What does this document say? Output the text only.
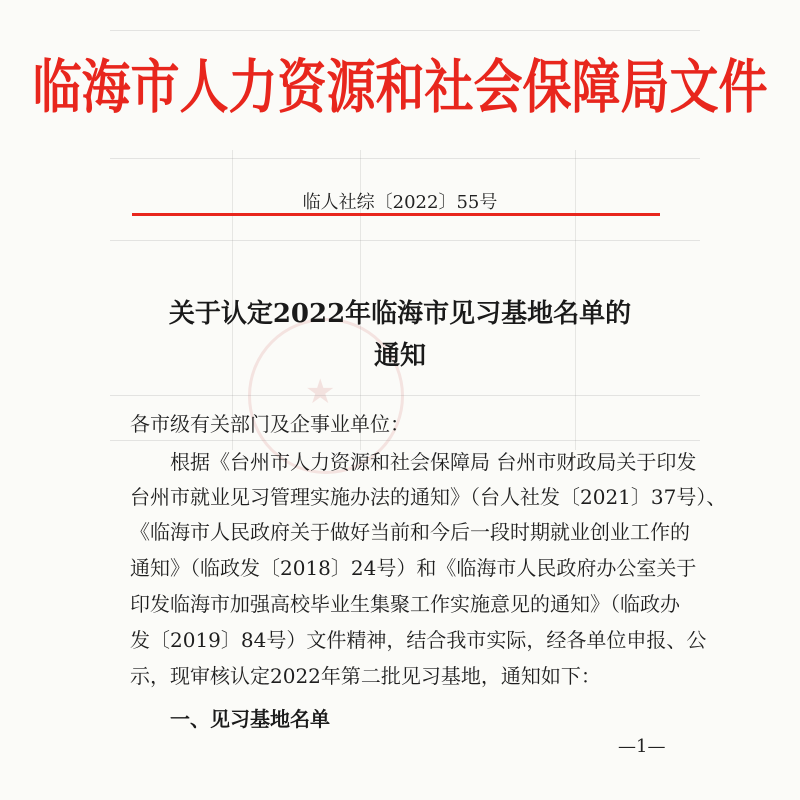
★
临海市人力资源和社会保障局文件
临人社综〔2022〕55号
关于认定2022年临海市见习基地名单的
通知
各市级有关部门及企事业单位：
根据《台州市人力资源和社会保障局 台州市财政局关于印发
台州市就业见习管理实施办法的通知》（台人社发〔2021〕37号）、
《临海市人民政府关于做好当前和今后一段时期就业创业工作的
通知》（临政发〔2018〕24号）和《临海市人民政府办公室关于
印发临海市加强高校毕业生集聚工作实施意见的通知》（临政办
发〔2019〕84号）文件精神，结合我市实际，经各单位申报、公
示，现审核认定2022年第二批见习基地，通知如下：
一、见习基地名单
—1—
